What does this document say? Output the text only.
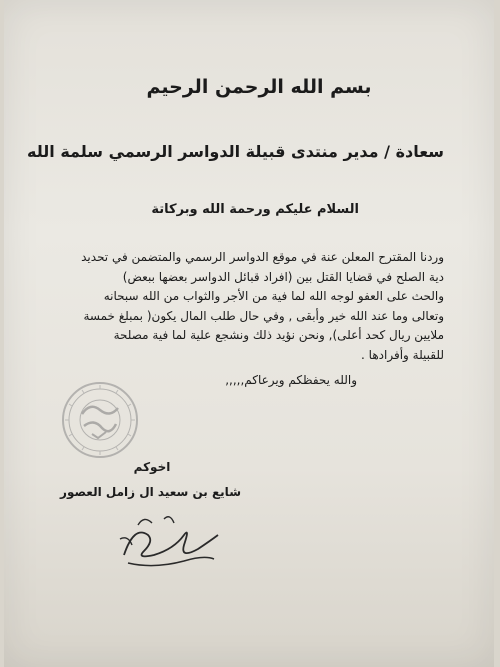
بسم الله الرحمن الرحيم
سعادة / مدير منتدى قبيلة الدواسر الرسمي سلمة الله
السلام عليكم ورحمة الله وبركاتة
وردنا المقترح المعلن عنة في موقع الدواسر الرسمي والمتضمن في تحديد
دية الصلح في قضايا القتل بين (افراد قبائل الدواسر بعضها ببعض)
والحث على العفو لوجه الله لما فية من الأجر والثواب من الله سبحانه
وتعالى وما عند الله خير وأبقى , وفي حال طلب المال يكون( بمبلغ خمسة
ملايين ريال كحد أعلى), ونحن نؤيد ذلك ونشجع علية لما فية مصلحة
للقبيلة وأفرادها .
والله يحفظكم ويرعاكم,,,,,
اخوكم
شايع بن سعيد ال زامل العصور
